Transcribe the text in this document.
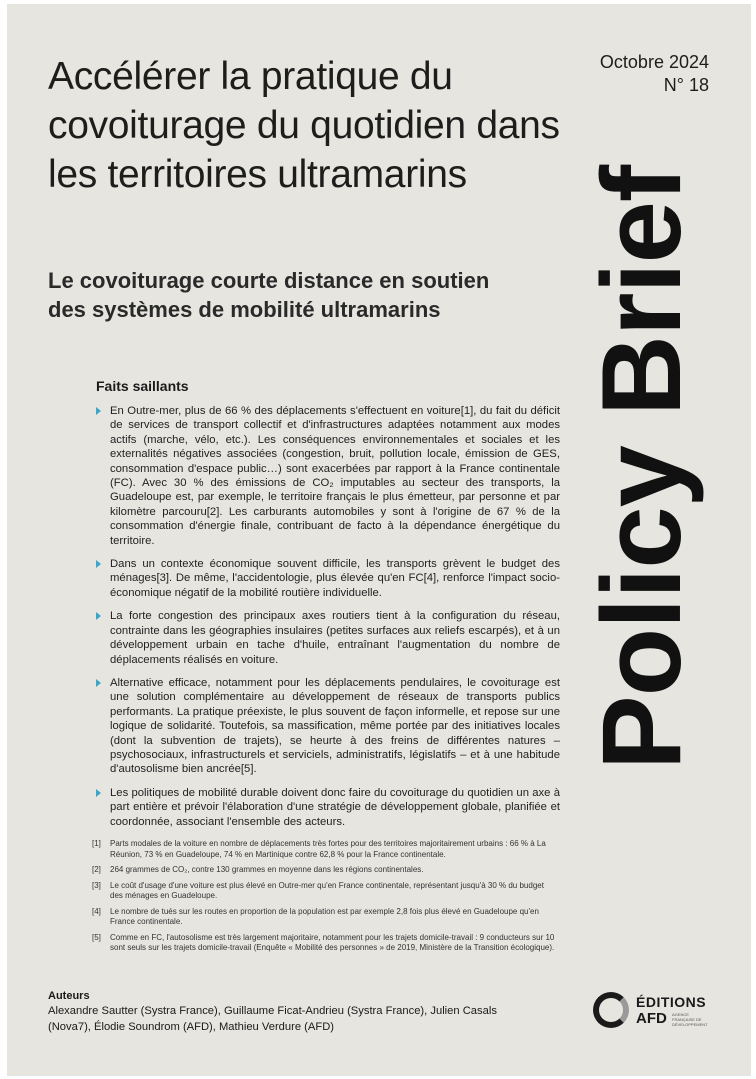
Accélérer la pratique du covoiturage du quotidien dans les territoires ultramarins
Le covoiturage courte distance en soutien des systèmes de mobilité ultramarins
Octobre 2024
N° 18
Policy Brief
Faits saillants
En Outre-mer, plus de 66 % des déplacements s'effectuent en voiture[1], du fait du déficit de services de transport collectif et d'infrastructures adaptées notamment aux modes actifs (marche, vélo, etc.). Les conséquences environnementales et sociales et les externalités négatives associées (congestion, bruit, pollution locale, émission de GES, consommation d'espace public…) sont exacerbées par rapport à la France continentale (FC). Avec 30 % des émissions de CO₂ imputables au secteur des transports, la Guadeloupe est, par exemple, le territoire français le plus émetteur, par personne et par kilomètre parcouru[2]. Les carburants automobiles y sont à l'origine de 67 % de la consommation d'énergie finale, contribuant de facto à la dépendance énergétique du territoire.
Dans un contexte économique souvent difficile, les transports grèvent le budget des ménages[3]. De même, l'accidentologie, plus élevée qu'en FC[4], renforce l'impact socio-économique négatif de la mobilité routière individuelle.
La forte congestion des principaux axes routiers tient à la configuration du réseau, contrainte dans les géographies insulaires (petites surfaces aux reliefs escarpés), et à un développement urbain en tache d'huile, entraînant l'augmentation du nombre de déplacements réalisés en voiture.
Alternative efficace, notamment pour les déplacements pendulaires, le covoiturage est une solution complémentaire au développement de réseaux de transports publics performants. La pratique préexiste, le plus souvent de façon informelle, et repose sur une logique de solidarité. Toutefois, sa massification, même portée par des initiatives locales (dont la subvention de trajets), se heurte à des freins de différentes natures – psychosociaux, infrastructurels et serviciels, administratifs, législatifs – et à une habitude d'autosolisme bien ancrée[5].
Les politiques de mobilité durable doivent donc faire du covoiturage du quotidien un axe à part entière et prévoir l'élaboration d'une stratégie de développement globale, planifiée et coordonnée, associant l'ensemble des acteurs.
[1] Parts modales de la voiture en nombre de déplacements très fortes pour des territoires majoritairement urbains : 66 % à La Réunion, 73 % en Guadeloupe, 74 % en Martinique contre 62,8 % pour la France continentale.
[2] 264 grammes de CO₂, contre 130 grammes en moyenne dans les régions continentales.
[3] Le coût d'usage d'une voiture est plus élevé en Outre-mer qu'en France continentale, représentant jusqu'à 30 % du budget des ménages en Guadeloupe.
[4] Le nombre de tués sur les routes en proportion de la population est par exemple 2,8 fois plus élevé en Guadeloupe qu'en France continentale.
[5] Comme en FC, l'autosolisme est très largement majoritaire, notamment pour les trajets domicile-travail : 9 conducteurs sur 10 sont seuls sur les trajets domicile-travail (Enquête « Mobilité des personnes » de 2019, Ministère de la Transition écologique).
Auteurs
Alexandre Sautter (Systra France), Guillaume Ficat-Andrieu (Systra France), Julien Casals (Nova7), Élodie Soundrom (AFD), Mathieu Verdure (AFD)
ÉDITIONS
AFD AGENCE FRANÇAISE DE DÉVELOPPEMENT
